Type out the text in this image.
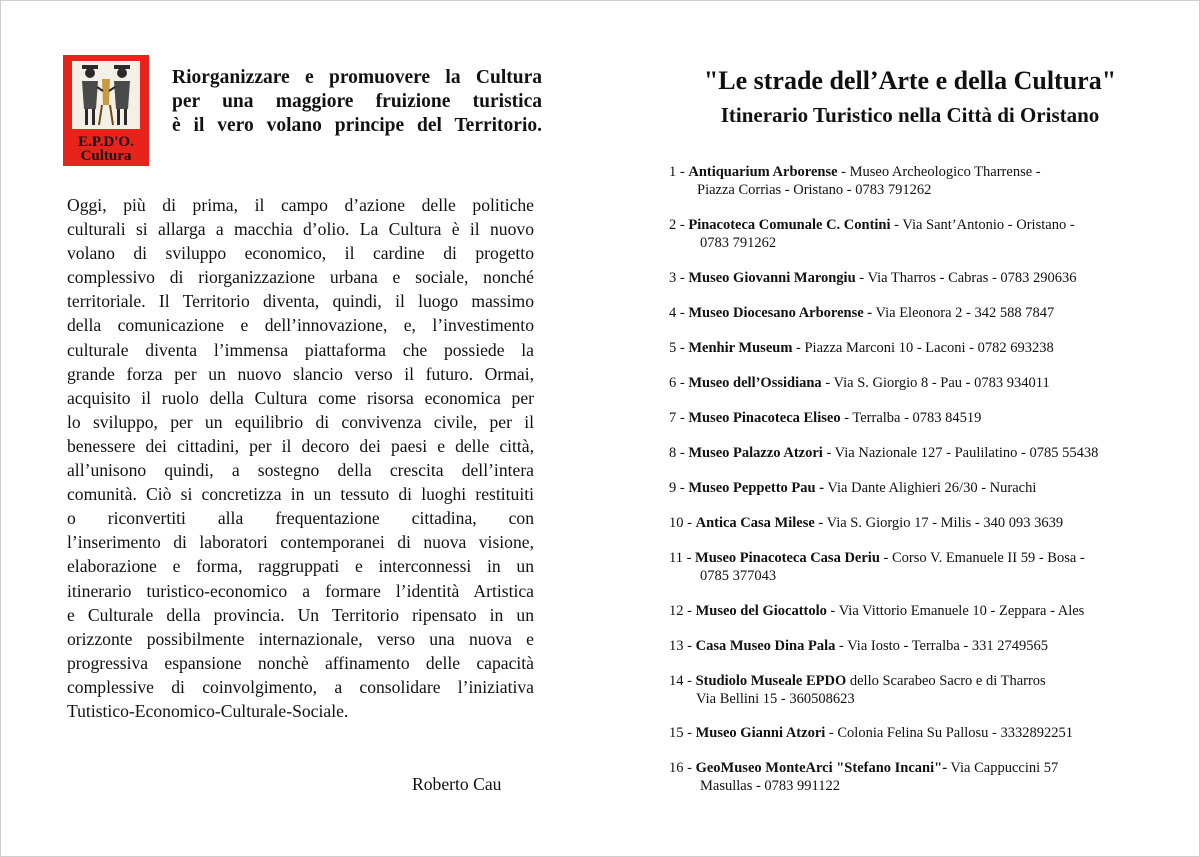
E.P.D'O.
Cultura
Riorganizzare e promuovere la Cultura
per una maggiore fruizione turistica
è il vero volano principe del Territorio.
Oggi, più di prima, il campo d’azione delle politiche
culturali si allarga a macchia d’olio. La Cultura è il nuovo
volano di sviluppo economico, il cardine di progetto
complessivo di riorganizzazione urbana e sociale, nonché
territoriale. Il Territorio diventa, quindi, il luogo massimo
della comunicazione e dell’innovazione, e, l’investimento
culturale diventa l’immensa piattaforma che possiede la
grande forza per un nuovo slancio verso il futuro. Ormai,
acquisito il ruolo della Cultura come risorsa economica per
lo sviluppo, per un equilibrio di convivenza civile, per il
benessere dei cittadini, per il decoro dei paesi e delle città,
all’unisono quindi, a sostegno della crescita dell’intera
comunità. Ciò si concretizza in un tessuto di luoghi restituiti
o riconvertiti alla frequentazione cittadina, con
l’inserimento di laboratori contemporanei di nuova visione,
elaborazione e forma, raggruppati e interconnessi in un
itinerario turistico-economico a formare l’identità Artistica
e Culturale della provincia. Un Territorio ripensato in un
orizzonte possibilmente internazionale, verso una nuova e
progressiva espansione nonchè affinamento delle capacità
complessive di coinvolgimento, a consolidare l’iniziativa
Tutistico-Economico-Culturale-Sociale.
Roberto Cau
"Le strade dell’Arte e della Cultura"
Itinerario Turistico nella Città di Oristano
1 - Antiquarium Arborense - Museo Archeologico Tharrense -
Piazza Corrias - Oristano - 0783 791262
2 - Pinacoteca Comunale C. Contini - Via Sant’Antonio - Oristano -
0783 791262
3 - Museo Giovanni Marongiu - Via Tharros - Cabras - 0783 290636
4 - Museo Diocesano Arborense - Via Eleonora 2 - 342 588 7847
5 - Menhir Museum - Piazza Marconi 10 - Laconi - 0782 693238
6 - Museo dell’Ossidiana - Via S. Giorgio 8 - Pau - 0783 934011
7 - Museo Pinacoteca Eliseo - Terralba - 0783 84519
8 - Museo Palazzo Atzori - Via Nazionale 127 - Paulilatino - 0785 55438
9 - Museo Peppetto Pau - Via Dante Alighieri 26/30 - Nurachi
10 - Antica Casa Milese - Via S. Giorgio 17 - Milis - 340 093 3639
11 - Museo Pinacoteca Casa Deriu - Corso V. Emanuele II 59 - Bosa -
0785 377043
12 - Museo del Giocattolo - Via Vittorio Emanuele 10 - Zeppara - Ales
13 - Casa Museo Dina Pala - Via Iosto - Terralba - 331 2749565
14 - Studiolo Museale EPDO dello Scarabeo Sacro e di Tharros
Via Bellini 15 - 360508623
15 - Museo Gianni Atzori - Colonia Felina Su Pallosu - 3332892251
16 - GeoMuseo MonteArci "Stefano Incani"- Via Cappuccini 57
Masullas - 0783 991122
